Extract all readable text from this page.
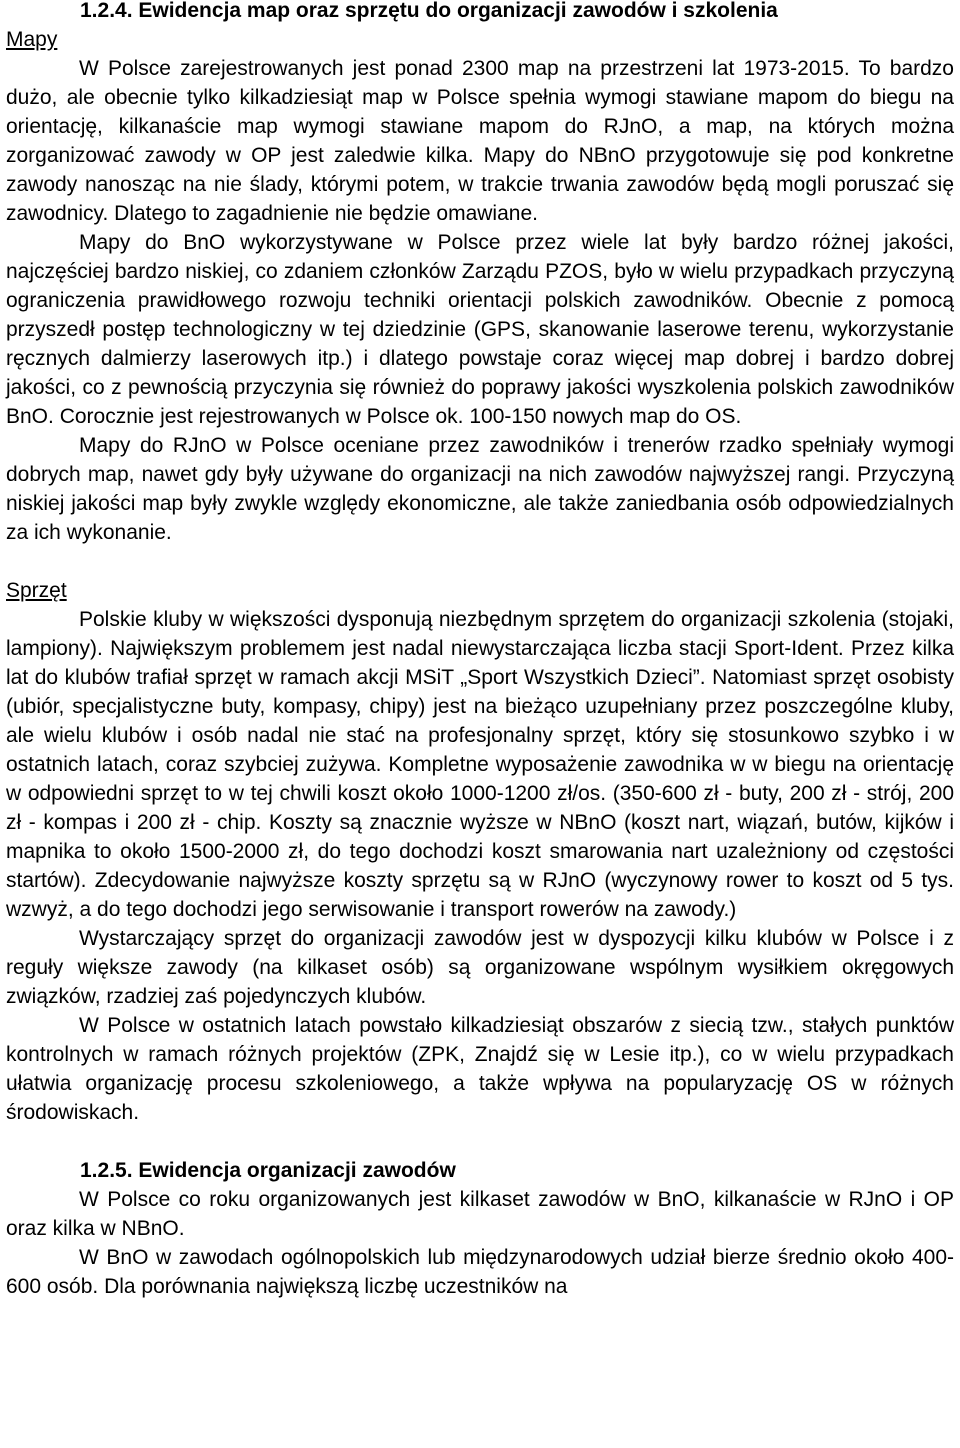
1.2.4. Ewidencja map oraz sprzętu do organizacji zawodów i szkolenia
Mapy

W Polsce zarejestrowanych jest ponad 2300 map na przestrzeni lat 1973-2015. To bardzo dużo, ale obecnie tylko kilkadziesiąt map w Polsce spełnia wymogi stawiane mapom do biegu na orientację, kilkanaście map wymogi stawiane mapom do RJnO, a map, na których można zorganizować zawody w OP jest zaledwie kilka. Mapy do NBnO przygotowuje się pod konkretne zawody nanosząc na nie ślady, którymi potem, w trakcie trwania zawodów będą mogli poruszać się zawodnicy. Dlatego to zagadnienie nie będzie omawiane.

Mapy do BnO wykorzystywane w Polsce przez wiele lat były bardzo różnej jakości, najczęściej bardzo niskiej, co zdaniem członków Zarządu PZOS, było w wielu przypadkach przyczyną ograniczenia prawidłowego rozwoju techniki orientacji polskich zawodników. Obecnie z pomocą przyszedł postęp technologiczny w tej dziedzinie (GPS, skanowanie laserowe terenu, wykorzystanie ręcznych dalmierzy laserowych itp.) i dlatego powstaje coraz więcej map dobrej i bardzo dobrej jakości, co z pewnością przyczynia się również do poprawy jakości wyszkolenia polskich zawodników BnO. Corocznie jest rejestrowanych w Polsce ok. 100-150 nowych map do OS.

Mapy do RJnO w Polsce oceniane przez zawodników i trenerów rzadko spełniały wymogi dobrych map, nawet gdy były używane do organizacji na nich zawodów najwyższej rangi. Przyczyną niskiej jakości map były zwykle względy ekonomiczne, ale także zaniedbania osób odpowiedzialnych za ich wykonanie.

Sprzęt

Polskie kluby w większości dysponują niezbędnym sprzętem do organizacji szkolenia (stojaki, lampiony). Największym problemem jest nadal niewystarczająca liczba stacji Sport-Ident. Przez kilka lat do klubów trafiał sprzęt w ramach akcji MSiT „Sport Wszystkich Dzieci”. Natomiast sprzęt osobisty (ubiór, specjalistyczne buty, kompasy, chipy) jest na bieżąco uzupełniany przez poszczególne kluby, ale wielu klubów i osób nadal nie stać na profesjonalny sprzęt, który się stosunkowo szybko i w ostatnich latach, coraz szybciej zużywa. Kompletne wyposażenie zawodnika w w biegu na orientację w odpowiedni sprzęt to w tej chwili koszt około 1000-1200 zł/os. (350-600 zł - buty, 200 zł - strój, 200 zł - kompas i 200 zł - chip. Koszty są znacznie wyższe w NBnO (koszt nart, wiązań, butów, kijków i mapnika to około 1500-2000 zł, do tego dochodzi koszt smarowania nart uzależniony od częstości startów). Zdecydowanie najwyższe koszty sprzętu są w RJnO (wyczynowy rower to koszt od 5 tys. wzwyż, a do tego dochodzi jego serwisowanie i transport rowerów na zawody.)

Wystarczający sprzęt do organizacji zawodów jest w dyspozycji kilku klubów w Polsce i z reguły większe zawody (na kilkaset osób) są organizowane wspólnym wysiłkiem okręgowych związków, rzadziej zaś pojedynczych klubów.

W Polsce w ostatnich latach powstało kilkadziesiąt obszarów z siecią tzw., stałych punktów kontrolnych w ramach różnych projektów (ZPK, Znajdź się w Lesie itp.), co w wielu przypadkach ułatwia organizację procesu szkoleniowego, a także wpływa na popularyzację OS w różnych środowiskach.

1.2.5. Ewidencja organizacji zawodów

W Polsce co roku organizowanych jest kilkaset zawodów w BnO, kilkanaście w RJnO i OP oraz kilka w NBnO.

W BnO w zawodach ogólnopolskich lub międzynarodowych udział bierze średnio około 400-600 osób. Dla porównania największą liczbę uczestników na
